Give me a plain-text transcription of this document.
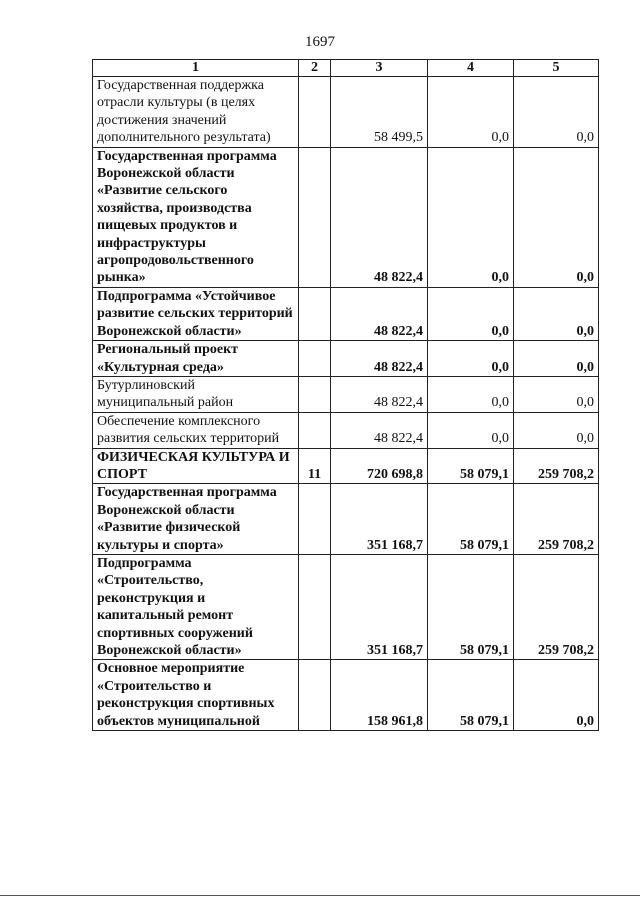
1697
1	2	3	4	5
Государственная поддержка отрасли культуры (в целях достижения значений дополнительного результата)		58 499,5	0,0	0,0
Государственная программа Воронежской области «Развитие сельского хозяйства, производства пищевых продуктов и инфраструктуры агропродовольственного рынка»		48 822,4	0,0	0,0
Подпрограмма «Устойчивое развитие сельских территорий Воронежской области»		48 822,4	0,0	0,0
Региональный проект «Культурная среда»		48 822,4	0,0	0,0
Бутурлиновский муниципальный район		48 822,4	0,0	0,0
Обеспечение комплексного развития сельских территорий		48 822,4	0,0	0,0
ФИЗИЧЕСКАЯ КУЛЬТУРА И СПОРТ	11	720 698,8	58 079,1	259 708,2
Государственная программа Воронежской области «Развитие физической культуры и спорта»		351 168,7	58 079,1	259 708,2
Подпрограмма «Строительство, реконструкция и капитальный ремонт спортивных сооружений Воронежской области»		351 168,7	58 079,1	259 708,2
Основное мероприятие «Строительство и реконструкция спортивных объектов муниципальной		158 961,8	58 079,1	0,0
